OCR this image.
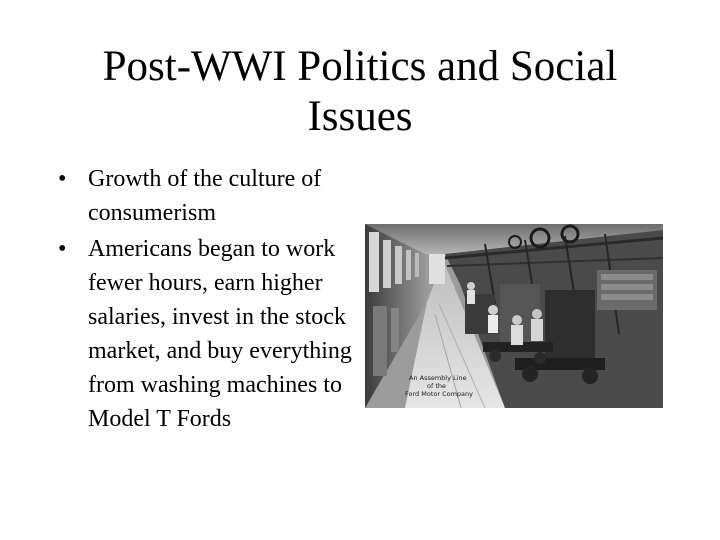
Post-WWI Politics and Social Issues
• Growth of the culture of consumerism
• Americans began to work fewer hours, earn higher salaries, invest in the stock market, and buy everything from washing machines to Model T Fords
An Assembly Line
of the
Ford Motor Company
